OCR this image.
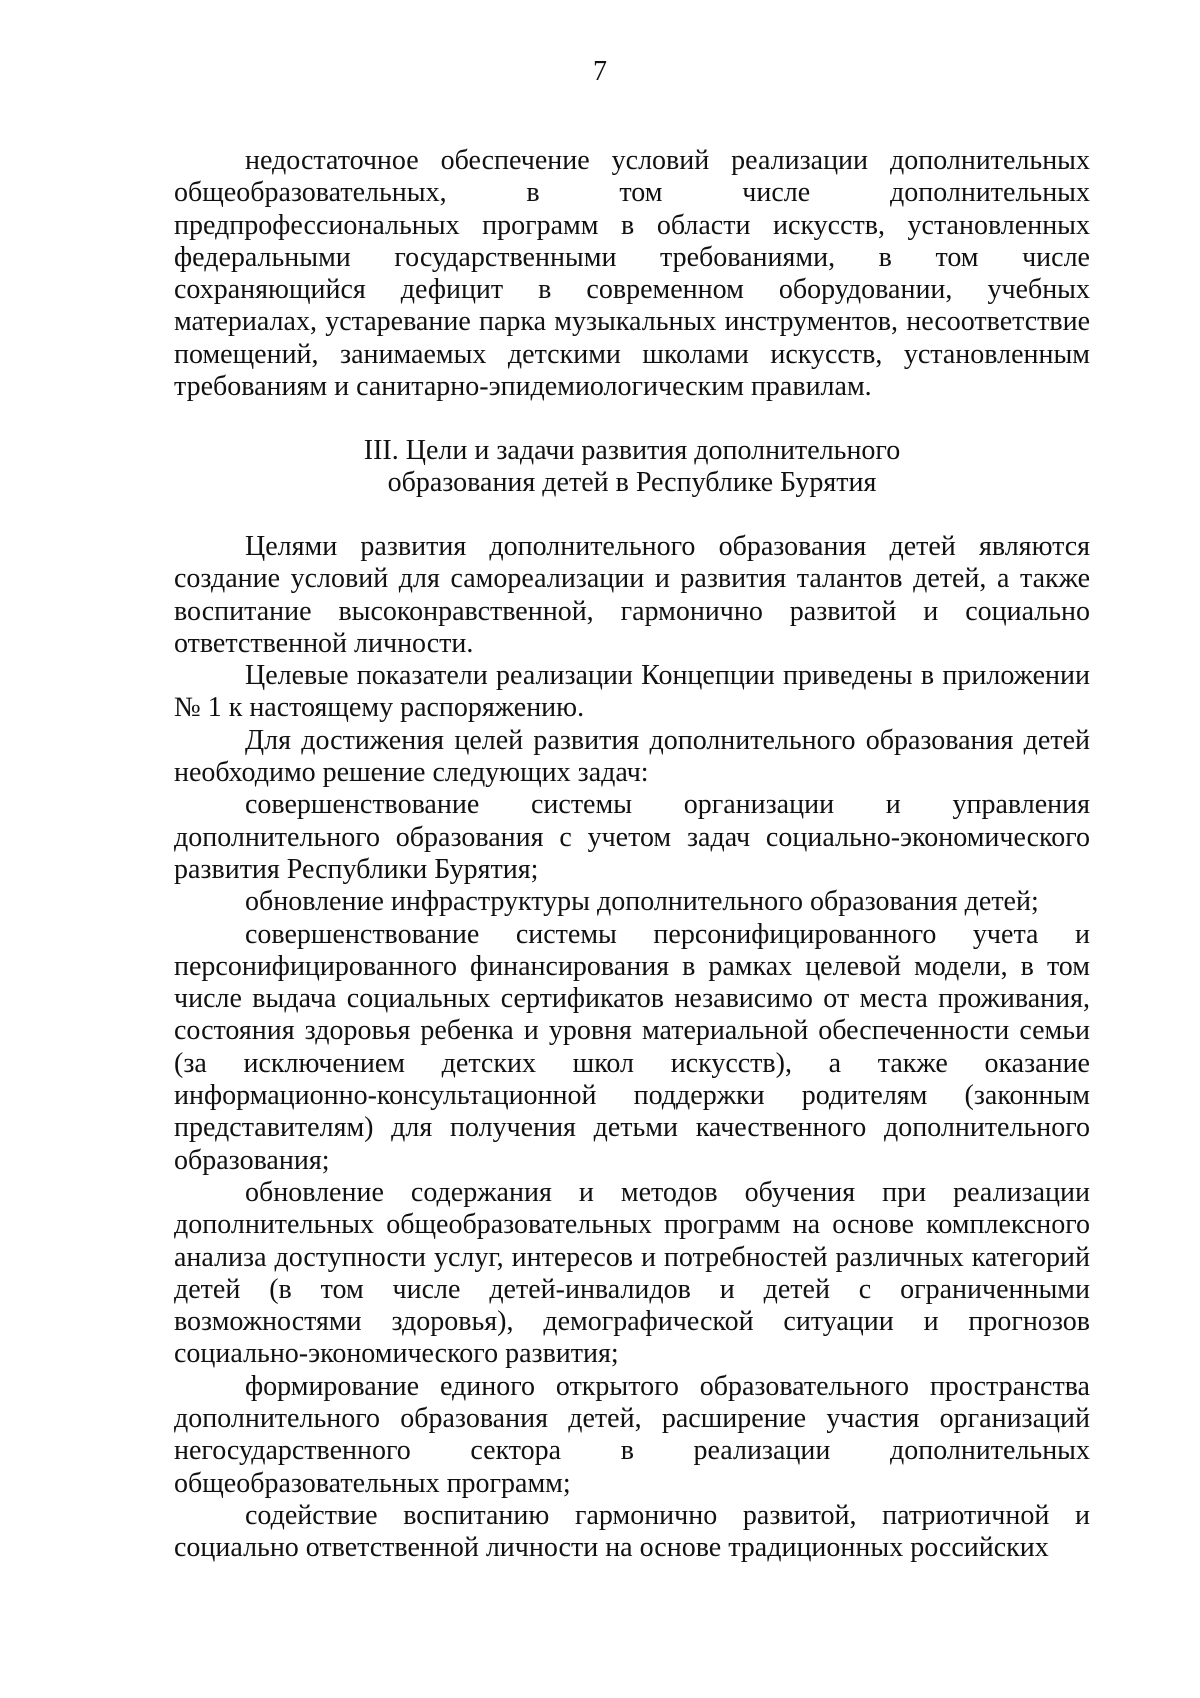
7

недостаточное обеспечение условий реализации дополнительных общеобразовательных, в том числе дополнительных предпрофессиональных программ в области искусств, установленных федеральными государственными требованиями, в том числе сохраняющийся дефицит в современном оборудовании, учебных материалах, устаревание парка музыкальных инструментов, несоответствие помещений, занимаемых детскими школами искусств, установленным требованиям и санитарно-эпидемиологическим правилам.

III. Цели и задачи развития дополнительного
образования детей в Республике Бурятия

Целями развития дополнительного образования детей являются создание условий для самореализации и развития талантов детей, а также воспитание высоконравственной, гармонично развитой и социально ответственной личности.

Целевые показатели реализации Концепции приведены в приложении № 1 к настоящему распоряжению.

Для достижения целей развития дополнительного образования детей необходимо решение следующих задач:

совершенствование системы организации и управления дополнительного образования с учетом задач социально-экономического развития Республики Бурятия;

обновление инфраструктуры дополнительного образования детей;

совершенствование системы персонифицированного учета и персонифицированного финансирования в рамках целевой модели, в том числе выдача социальных сертификатов независимо от места проживания, состояния здоровья ребенка и уровня материальной обеспеченности семьи (за исключением детских школ искусств), а также оказание информационно-консультационной поддержки родителям (законным представителям) для получения детьми качественного дополнительного образования;

обновление содержания и методов обучения при реализации дополнительных общеобразовательных программ на основе комплексного анализа доступности услуг, интересов и потребностей различных категорий детей (в том числе детей-инвалидов и детей с ограниченными возможностями здоровья), демографической ситуации и прогнозов социально-экономического развития;

формирование единого открытого образовательного пространства дополнительного образования детей, расширение участия организаций негосударственного сектора в реализации дополнительных общеобразовательных программ;

содействие воспитанию гармонично развитой, патриотичной и социально ответственной личности на основе традиционных российских
